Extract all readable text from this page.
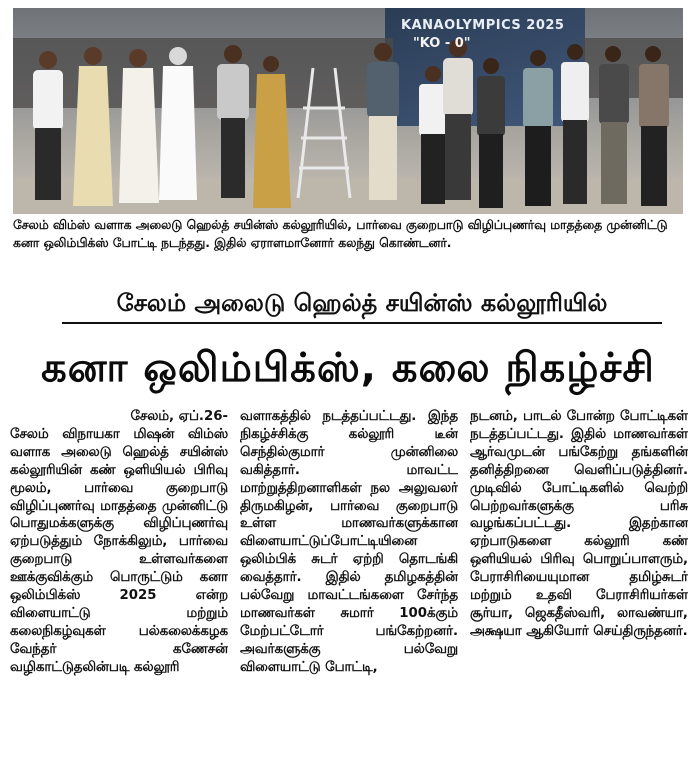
KANAOLYMPICS 2025
"KO - 0"

சேலம் விம்ஸ் வளாக அலைடு ஹெல்த் சயின்ஸ் கல்லூரியில், பார்வை குறைபாடு விழிப்புணர்வு மாதத்தை முன்னிட்டு கனா ஒலிம்பிக்ஸ் போட்டி நடந்தது. இதில் ஏராளமானோர் கலந்து கொண்டனர்.

சேலம் அலைடு ஹெல்த் சயின்ஸ் கல்லூரியில்
கனா ஒலிம்பிக்ஸ், கலை நிகழ்ச்சி
சேலம், ஏப்.26-
சேலம் விநாயகா மிஷன் விம்ஸ் வளாக அலைடு ஹெல்த் சயின்ஸ் கல்லூரியின் கண் ஒளியியல் பிரிவு மூலம், பார்வை குறைபாடு விழிப்புணர்வு மாதத்தை முன்னிட்டு பொதுமக்களுக்கு விழிப்புணர்வு ஏற்படுத்தும் நோக்கிலும், பார்வை குறைபாடு உள்ளவர்களை ஊக்குவிக்கும் பொருட்டும் கனா ஒலிம்பிக்ஸ் 2025 என்ற விளையாட்டு மற்றும் கலைநிகழ்வுகள் பல்கலைக்கழக வேந்தர் கணேசன் வழிகாட்டுதலின்படி கல்லூரி
வளாகத்தில் நடத்தப்பட்டது. இந்த நிகழ்ச்சிக்கு கல்லூரி டீன் செந்தில்குமார் முன்னிலை வகித்தார். மாவட்ட மாற்றுத்திறனாளிகள் நல அலுவலர் திருமகிழன், பார்வை குறைபாடு உள்ள மாணவர்களுக்கான விளையாட்டுப்போட்டியினை ஒலிம்பிக் சுடர் ஏற்றி தொடங்கி வைத்தார். இதில் தமிழகத்தின் பல்வேறு மாவட்டங்களை சேர்ந்த மாணவர்கள் சுமார் 100க்கும் மேற்பட்டோர் பங்கேற்றனர். அவர்களுக்கு பல்வேறு விளையாட்டு போட்டி,
நடனம், பாடல் போன்ற போட்டிகள் நடத்தப்பட்டது. இதில் மாணவர்கள் ஆர்வமுடன் பங்கேற்று தங்களின் தனித்திறனை வெளிப்படுத்தினர். முடிவில் போட்டிகளில் வெற்றி பெற்றவர்களுக்கு பரிசு வழங்கப்பட்டது. இதற்கான ஏற்பாடுகளை கல்லூரி கண் ஒளியியல் பிரிவு பொறுப்பாளரும், பேராசிரியையுமான தமிழ்சுடர் மற்றும் உதவி பேராசிரியர்கள் சூர்யா, ஜெகதீஸ்வரி, லாவண்யா, அக்ஷயா ஆகியோர் செய்திருந்தனர்.
